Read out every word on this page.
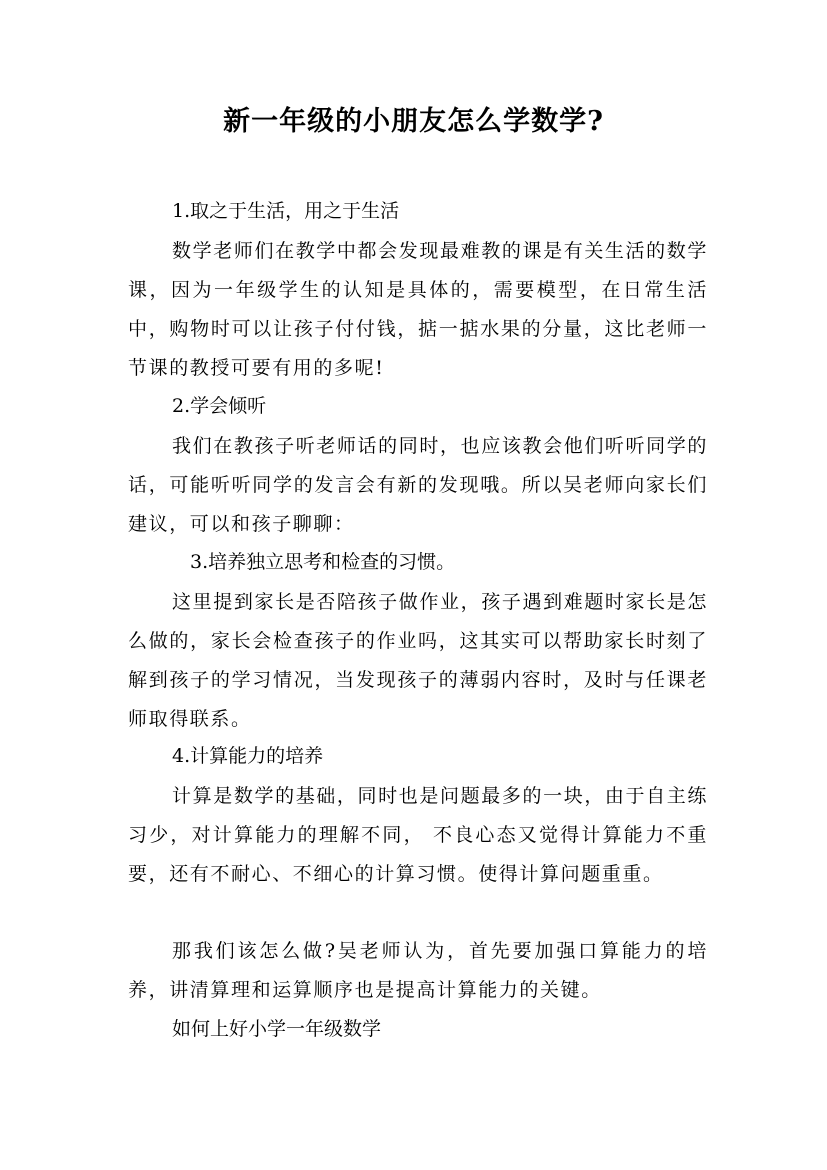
新一年级的小朋友怎么学数学?
1.取之于生活，用之于生活

数学老师们在教学中都会发现最难教的课是有关生活的数学课，因为一年级学生的认知是具体的，需要模型，在日常生活中，购物时可以让孩子付付钱，掂一掂水果的分量，这比老师一节课的教授可要有用的多呢!

2.学会倾听

我们在教孩子听老师话的同时，也应该教会他们听听同学的话，可能听听同学的发言会有新的发现哦。所以吴老师向家长们建议，可以和孩子聊聊：

3.培养独立思考和检查的习惯。

这里提到家长是否陪孩子做作业，孩子遇到难题时家长是怎么做的，家长会检查孩子的作业吗，这其实可以帮助家长时刻了解到孩子的学习情况，当发现孩子的薄弱内容时，及时与任课老师取得联系。

4.计算能力的培养

计算是数学的基础，同时也是问题最多的一块，由于自主练习少，对计算能力的理解不同， 不良心态又觉得计算能力不重要，还有不耐心、不细心的计算习惯。使得计算问题重重。

那我们该怎么做?吴老师认为，首先要加强口算能力的培养，讲清算理和运算顺序也是提高计算能力的关键。

如何上好小学一年级数学
